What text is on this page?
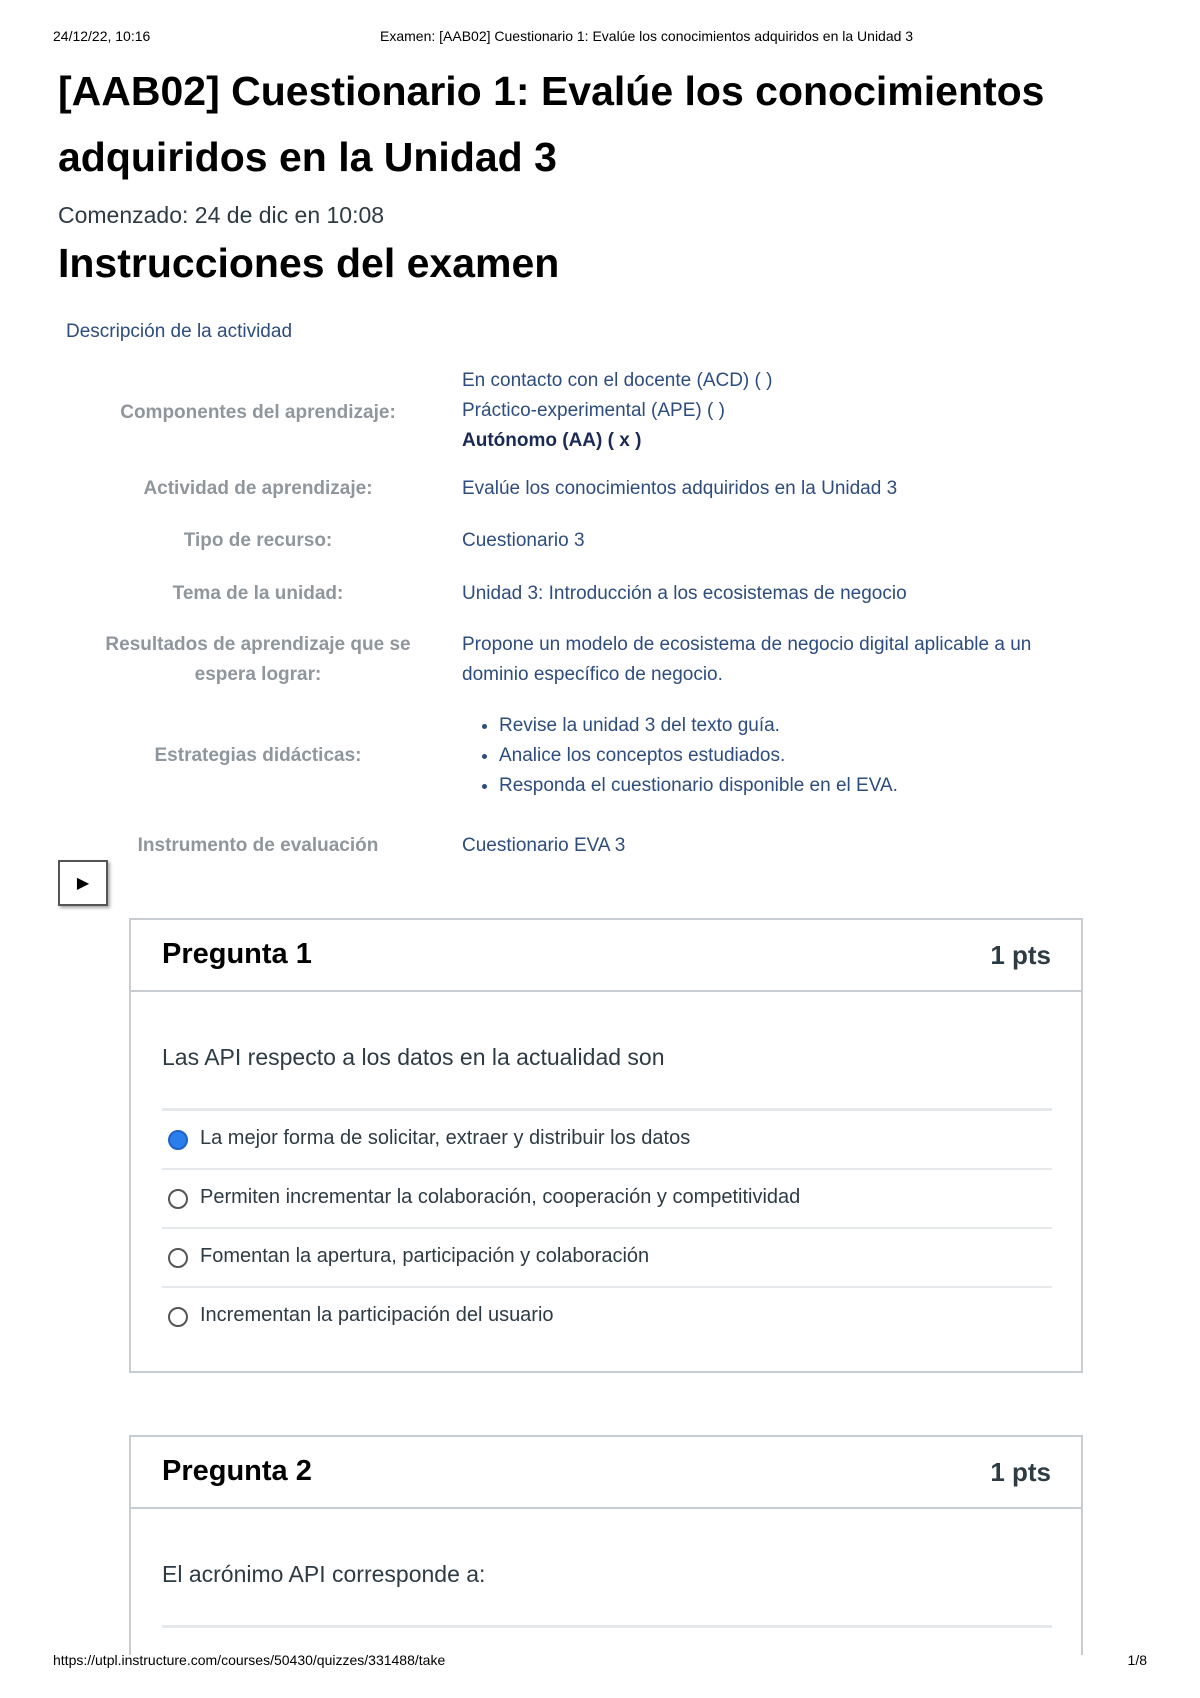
24/12/22, 10:16	Examen: [AAB02] Cuestionario 1: Evalúe los conocimientos adquiridos en la Unidad 3
[AAB02] Cuestionario 1: Evalúe los conocimientos adquiridos en la Unidad 3
Comenzado: 24 de dic en 10:08
Instrucciones del examen
Descripción de la actividad
Componentes del aprendizaje:
En contacto con el docente (ACD) ( )
Práctico-experimental (APE) ( )
Autónomo (AA) ( x )
Actividad de aprendizaje:	Evalúe los conocimientos adquiridos en la Unidad 3
Tipo de recurso:	Cuestionario 3
Tema de la unidad:	Unidad 3: Introducción a los ecosistemas de negocio
Resultados de aprendizaje que se espera lograr:
Propone un modelo de ecosistema de negocio digital aplicable a un dominio específico de negocio.
Estrategias didácticas:
• Revise la unidad 3 del texto guía.
• Analice los conceptos estudiados.
• Responda el cuestionario disponible en el EVA.
Instrumento de evaluación	Cuestionario EVA 3
▶
Pregunta 1	1 pts
Las API respecto a los datos en la actualidad son
La mejor forma de solicitar, extraer y distribuir los datos
Permiten incrementar la colaboración, cooperación y competitividad
Fomentan la apertura, participación y colaboración
Incrementan la participación del usuario
Pregunta 2	1 pts
El acrónimo API corresponde a:
https://utpl.instructure.com/courses/50430/quizzes/331488/take	1/8
